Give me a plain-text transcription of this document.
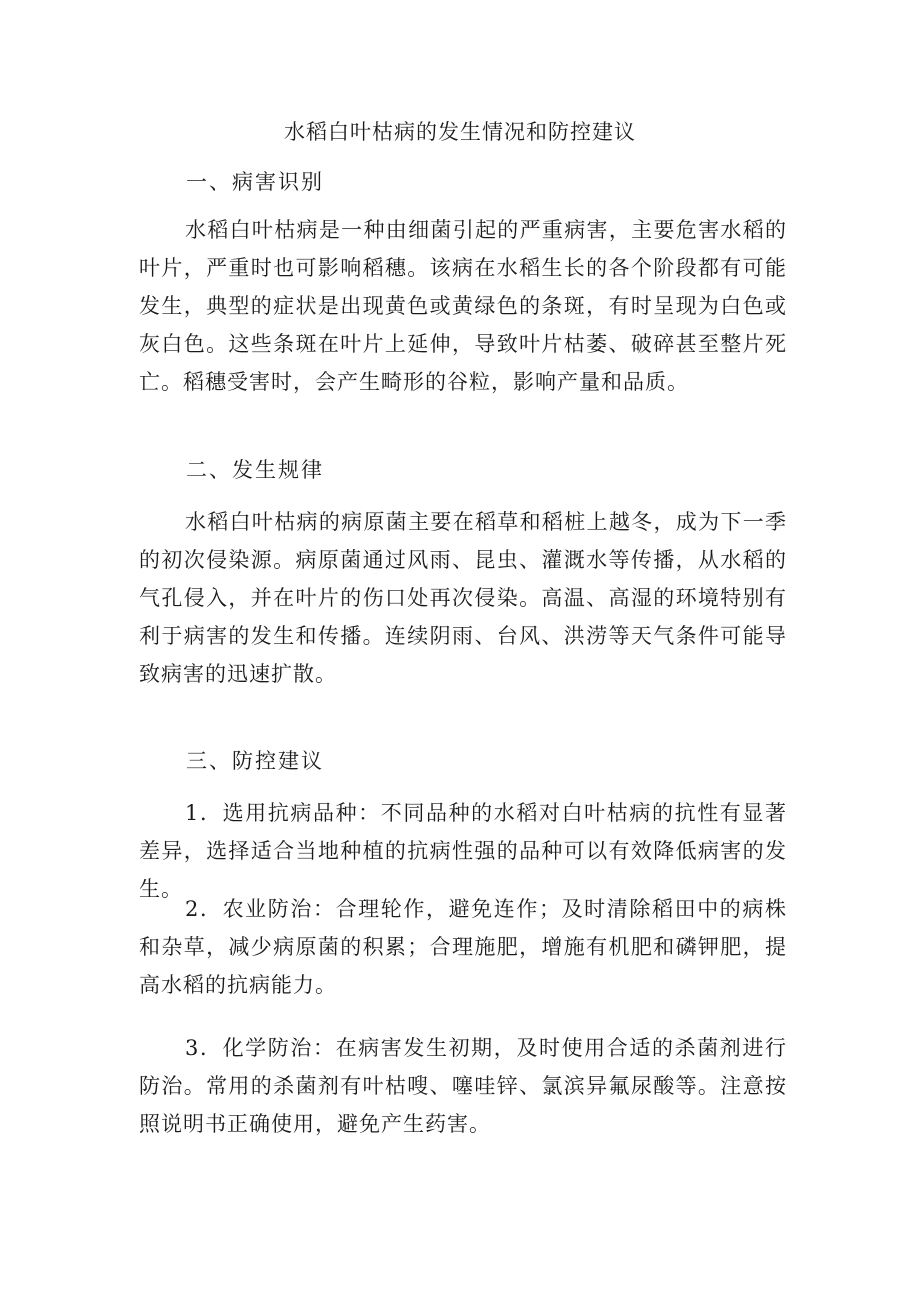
水稻白叶枯病的发生情况和防控建议
一、病害识别
水稻白叶枯病是一种由细菌引起的严重病害，主要危害水稻的叶片，严重时也可影响稻穗。该病在水稻生长的各个阶段都有可能发生，典型的症状是出现黄色或黄绿色的条斑，有时呈现为白色或灰白色。这些条斑在叶片上延伸，导致叶片枯萎、破碎甚至整片死亡。稻穗受害时，会产生畸形的谷粒，影响产量和品质。
二、发生规律
水稻白叶枯病的病原菌主要在稻草和稻桩上越冬，成为下一季的初次侵染源。病原菌通过风雨、昆虫、灌溉水等传播，从水稻的气孔侵入，并在叶片的伤口处再次侵染。高温、高湿的环境特别有利于病害的发生和传播。连续阴雨、台风、洪涝等天气条件可能导致病害的迅速扩散。
三、防控建议
1．选用抗病品种：不同品种的水稻对白叶枯病的抗性有显著差异，选择适合当地种植的抗病性强的品种可以有效降低病害的发生。
2．农业防治：合理轮作，避免连作；及时清除稻田中的病株和杂草，减少病原菌的积累；合理施肥，增施有机肥和磷钾肥，提高水稻的抗病能力。
3．化学防治：在病害发生初期，及时使用合适的杀菌剂进行防治。常用的杀菌剂有叶枯嗖、噻哇锌、氯滨异氟尿酸等。注意按照说明书正确使用，避免产生药害。
